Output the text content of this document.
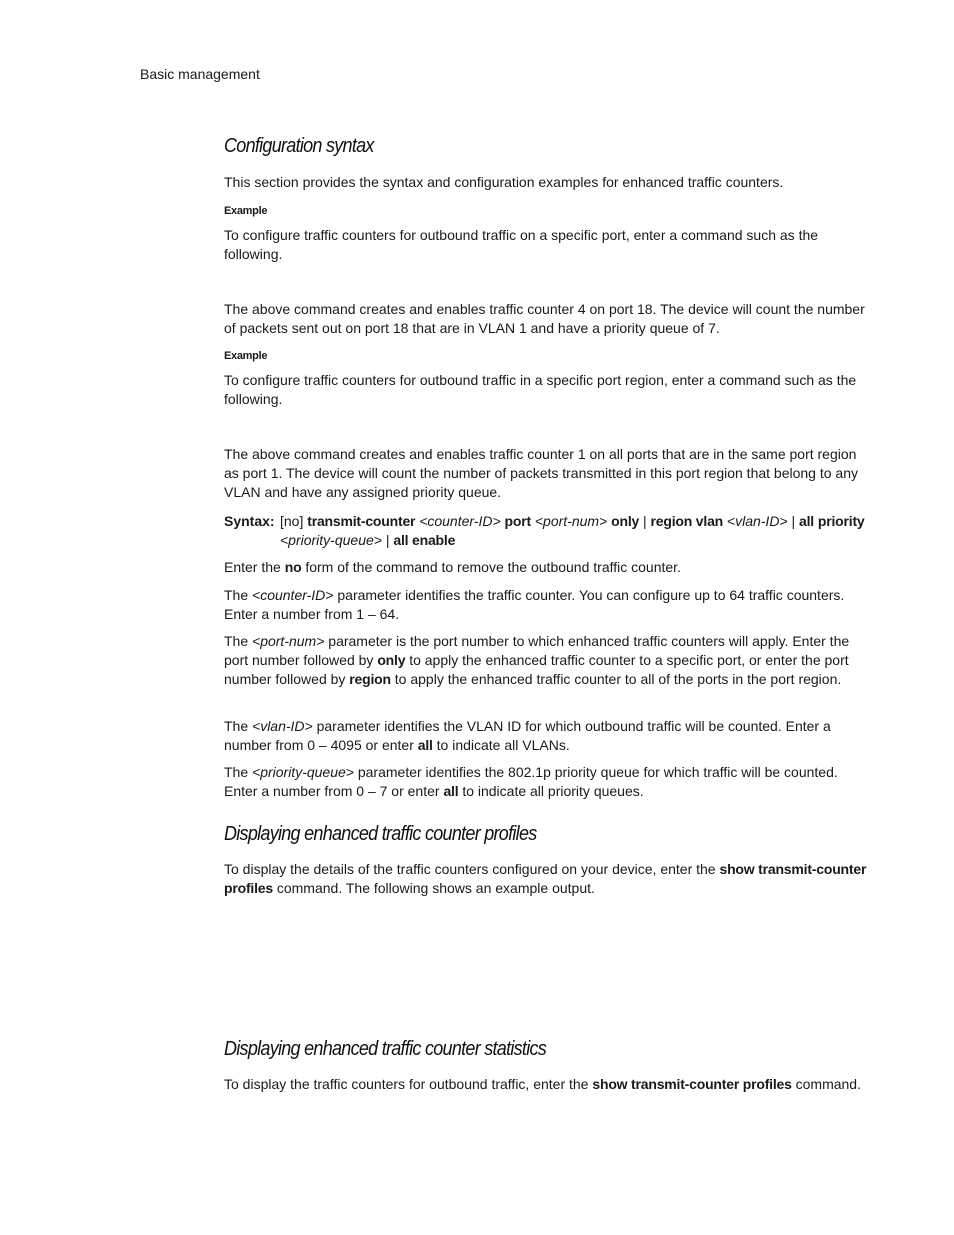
Basic management
Configuration syntax

This section provides the syntax and configuration examples for enhanced traffic counters.

Example

To configure traffic counters for outbound traffic on a specific port, enter a command such as the following.

The above command creates and enables traffic counter 4 on port 18. The device will count the number of packets sent out on port 18 that are in VLAN 1 and have a priority queue of 7.

Example

To configure traffic counters for outbound traffic in a specific port region, enter a command such as the following.

The above command creates and enables traffic counter 1 on all ports that are in the same port region as port 1. The device will count the number of packets transmitted in this port region that belong to any VLAN and have any assigned priority queue.

Syntax: [no] transmit-counter <counter-ID> port <port-num> only | region vlan <vlan-ID> | all priority <priority-queue> | all enable

Enter the no form of the command to remove the outbound traffic counter.

The <counter-ID> parameter identifies the traffic counter. You can configure up to 64 traffic counters. Enter a number from 1 – 64.

The <port-num> parameter is the port number to which enhanced traffic counters will apply. Enter the port number followed by only to apply the enhanced traffic counter to a specific port, or enter the port number followed by region to apply the enhanced traffic counter to all of the ports in the port region.

The <vlan-ID> parameter identifies the VLAN ID for which outbound traffic will be counted. Enter a number from 0 – 4095 or enter all to indicate all VLANs.

The <priority-queue> parameter identifies the 802.1p priority queue for which traffic will be counted. Enter a number from 0 – 7 or enter all to indicate all priority queues.

Displaying enhanced traffic counter profiles

To display the details of the traffic counters configured on your device, enter the show transmit-counter profiles command. The following shows an example output.

Displaying enhanced traffic counter statistics

To display the traffic counters for outbound traffic, enter the show transmit-counter profiles command.
